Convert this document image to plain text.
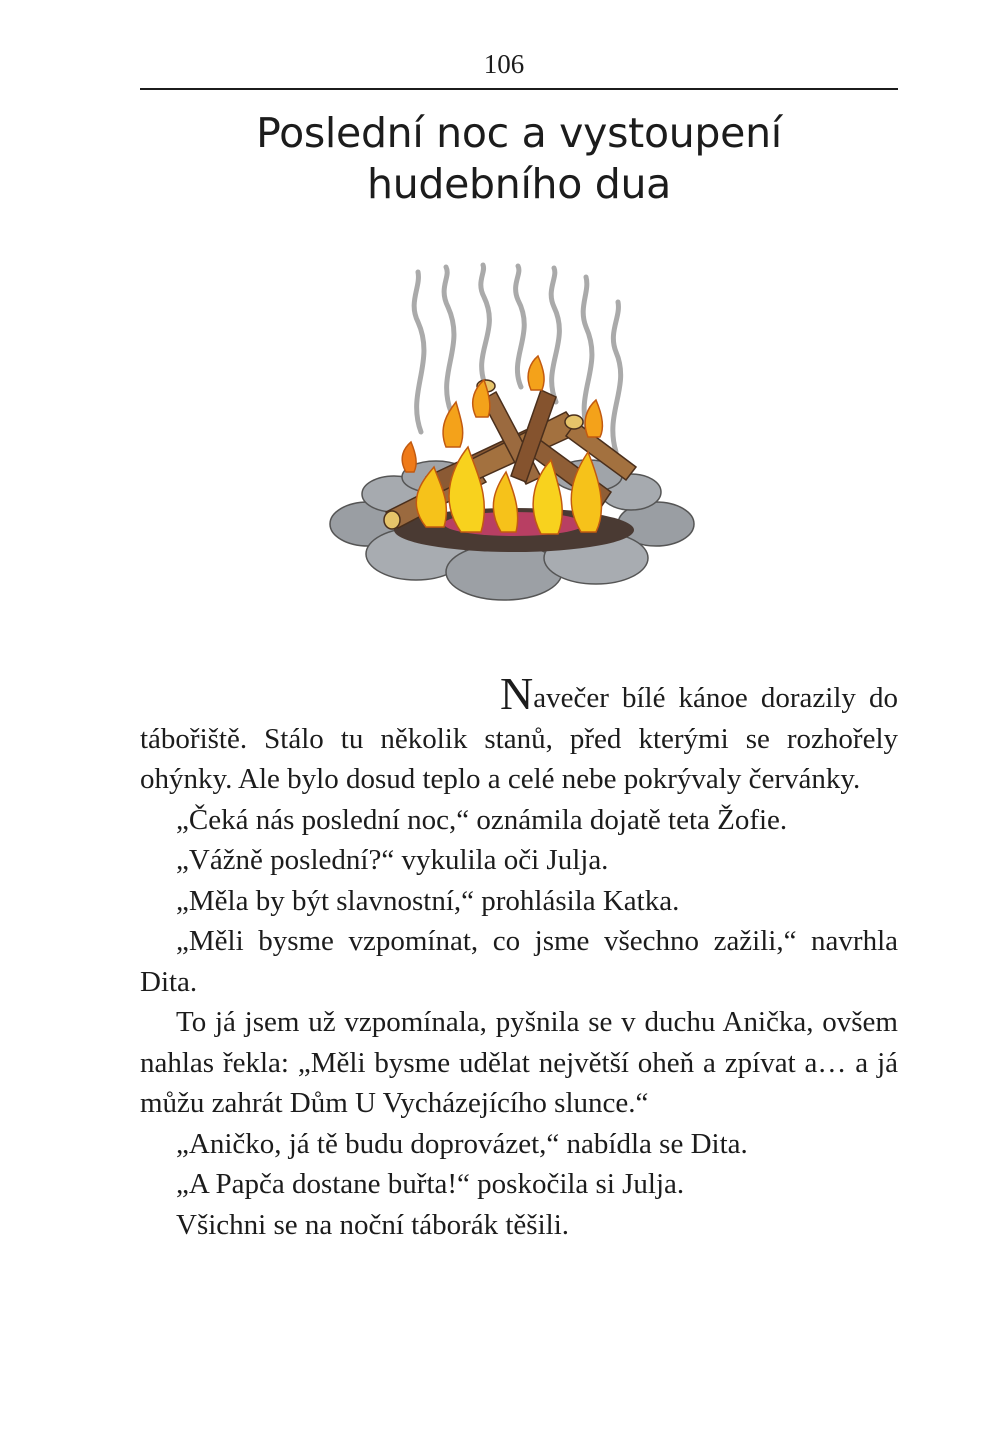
106
Poslední noc a vystoupení
hudebního dua

Navečer bílé kánoe dorazily do tábořiště. Stálo tu několik stanů, před kterými se rozhořely ohýnky. Ale bylo dosud teplo a celé nebe pokrývaly červánky.

„Čeká nás poslední noc,“ oznámila dojatě teta Žofie.

„Vážně poslední?“ vykulila oči Julja.

„Měla by být slavnostní,“ prohlásila Katka.

„Měli bysme vzpomínat, co jsme všechno zažili,“ navrhla Dita.

To já jsem už vzpomínala, pyšnila se v duchu Anička, ovšem nahlas řekla: „Měli bysme udělat největší oheň a zpívat a… a já můžu zahrát Dům U Vycházejícího slunce.“

„Aničko, já tě budu doprovázet,“ nabídla se Dita.

„A Papča dostane buřta!“ poskočila si Julja.

Všichni se na noční táborák těšili.
